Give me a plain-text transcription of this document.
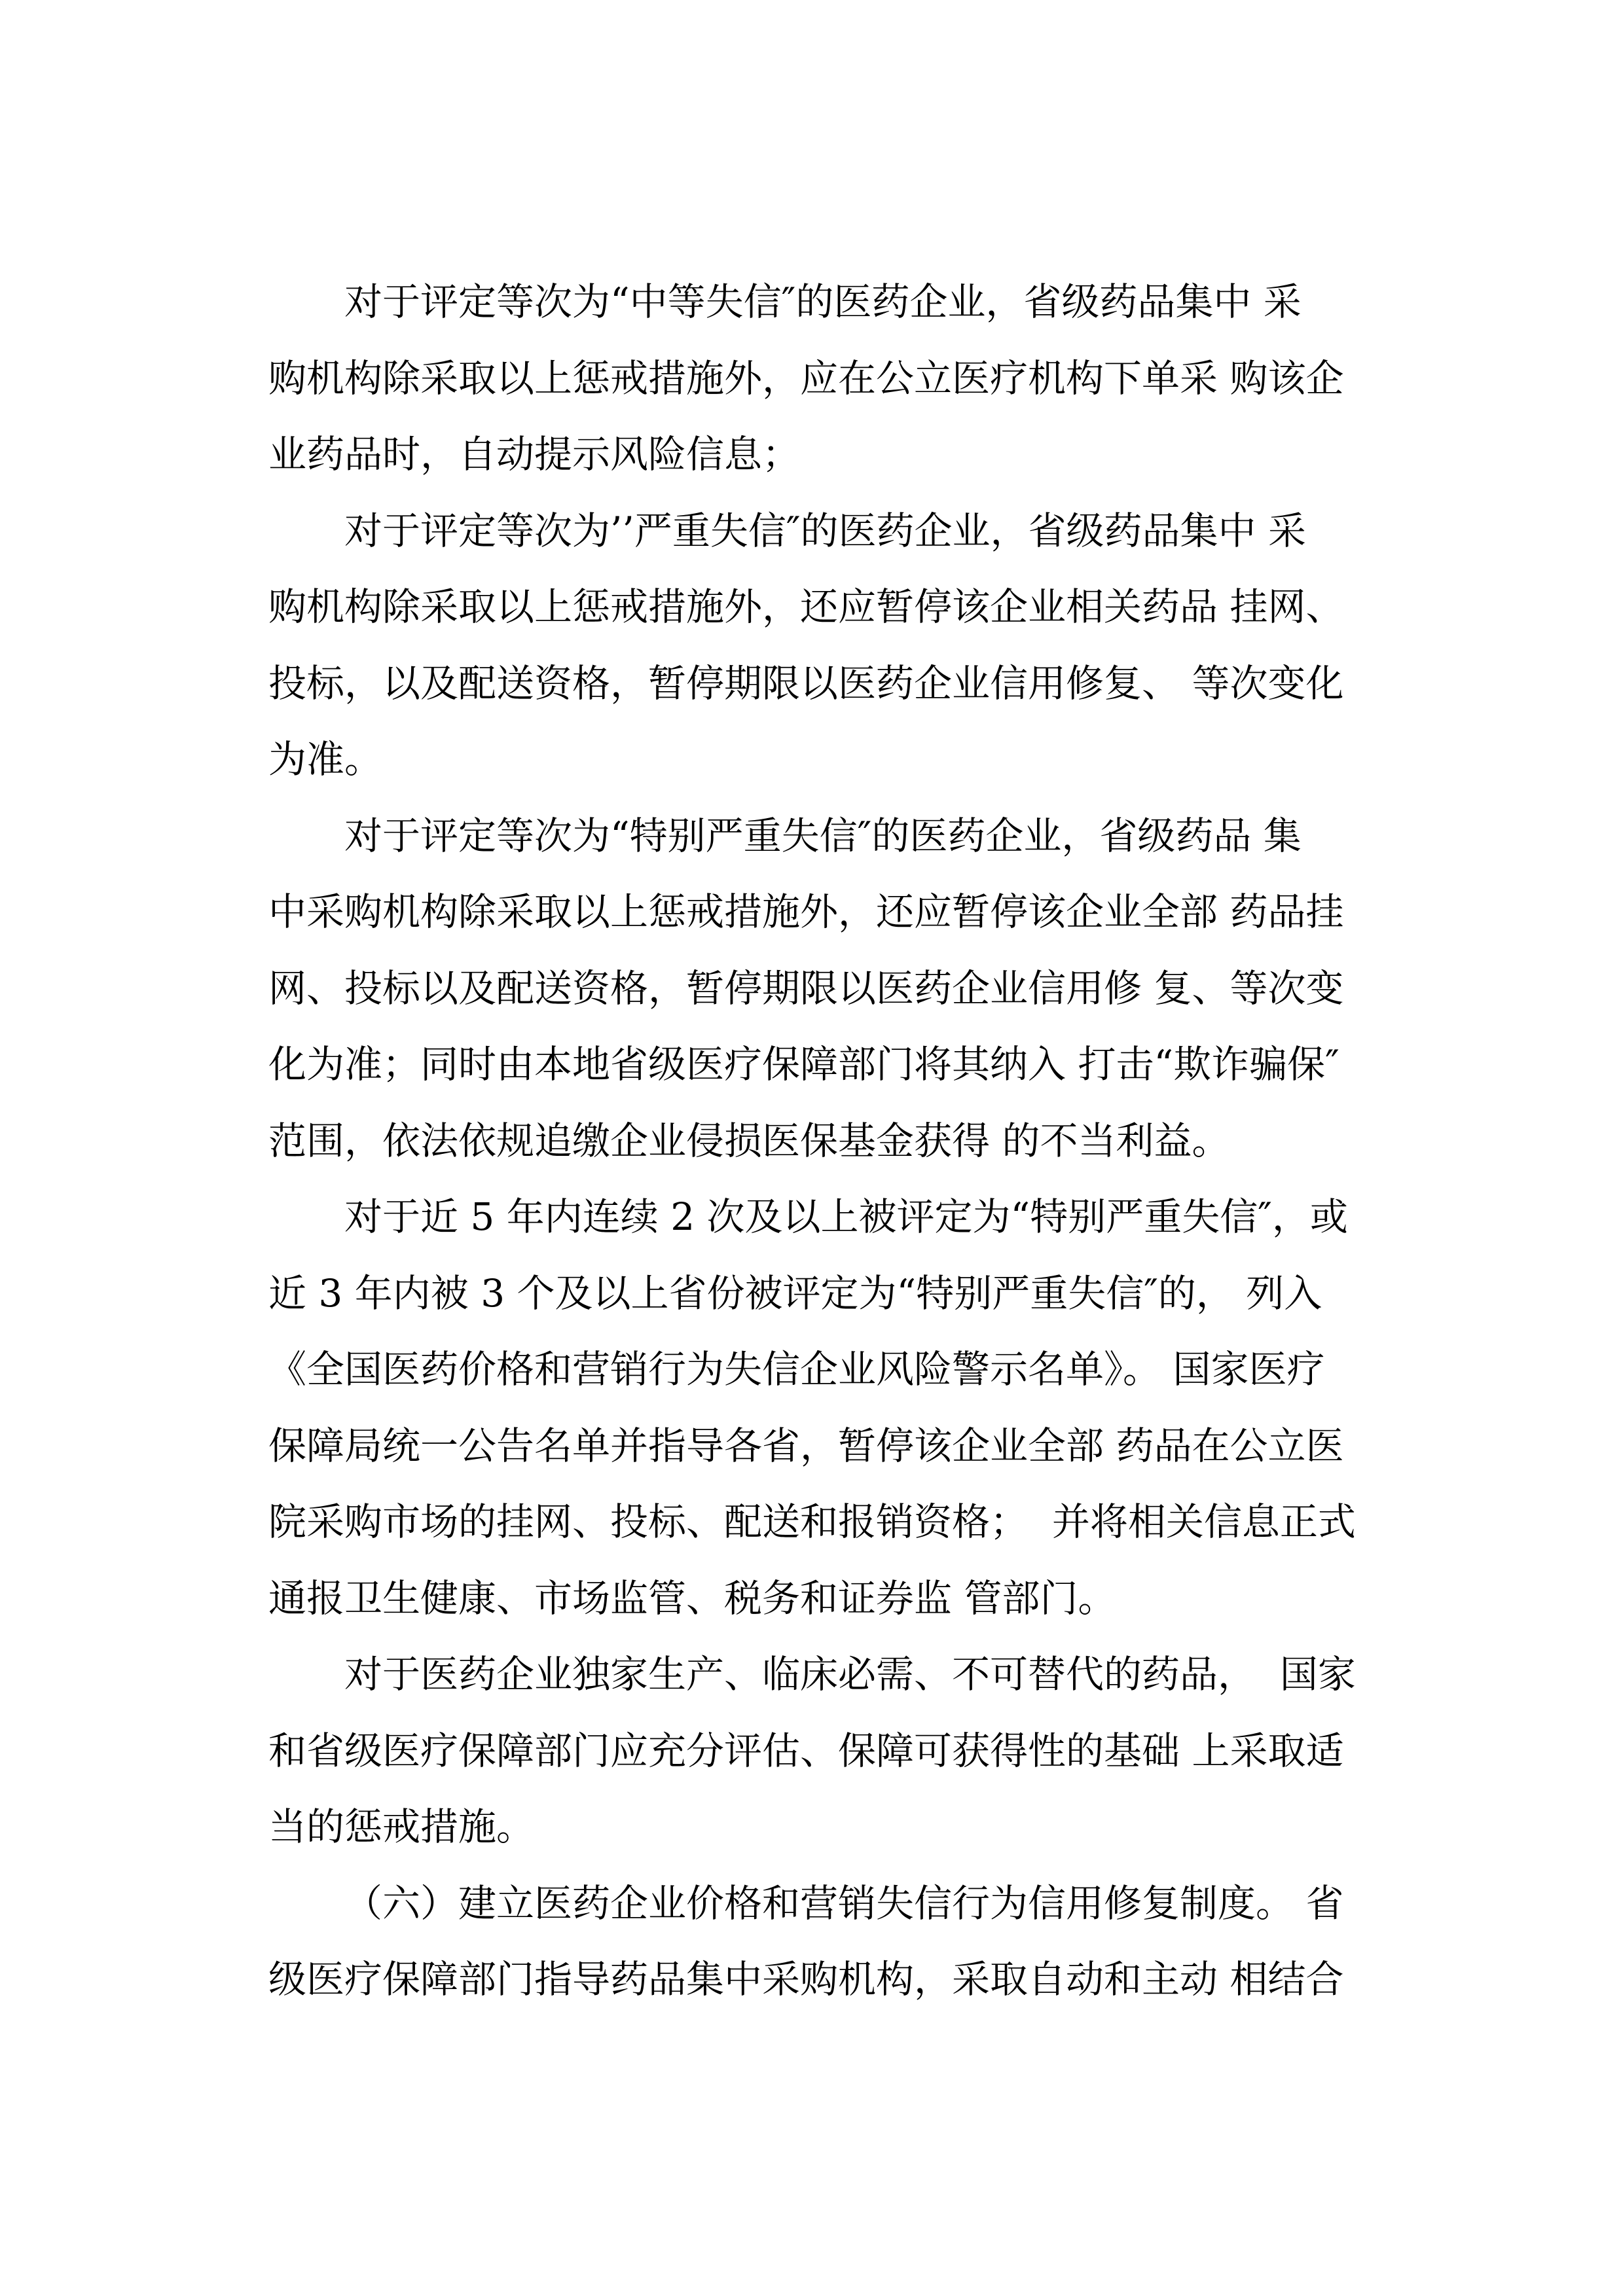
对于评定等次为“中等失信″的医药企业，省级药品集中 采
购机构除采取以上惩戒措施外，应在公立医疗机构下单采 购该企
业药品时，自动提示风险信息；
对于评定等次为’’严重失信″的医药企业，省级药品集中 采
购机构除采取以上惩戒措施外，还应暂停该企业相关药品 挂网、
投标，以及配送资格，暂停期限以医药企业信用修复、 等次变化
为准。
对于评定等次为“特别严重失信″的医药企业，省级药品 集
中采购机构除采取以上惩戒措施外，还应暂停该企业全部 药品挂
网、投标以及配送资格，暂停期限以医药企业信用修 复、等次变
化为准；同时由本地省级医疗保障部门将其纳入 打击“欺诈骗保″
范围，依法依规追缴企业侵损医保基金获得 的不当利益。
对于近 5 年内连续 2 次及以上被评定为“特别严重失信″，或
近 3 年内被 3 个及以上省份被评定为“特别严重失信″的， 列入
《全国医药价格和营销行为失信企业风险警示名单》。 国家医疗
保障局统一公告名单并指导各省，暂停该企业全部 药品在公立医
院采购市场的挂网、投标、配送和报销资格；  并将相关信息正式
通报卫生健康、市场监管、税务和证券监 管部门。
对于医药企业独家生产、临床必需、不可替代的药品，  国家
和省级医疗保障部门应充分评估、保障可获得性的基础 上采取适
当的惩戒措施。
（六）建立医药企业价格和营销失信行为信用修复制度。 省
级医疗保障部门指导药品集中采购机构，采取自动和主动 相结合
